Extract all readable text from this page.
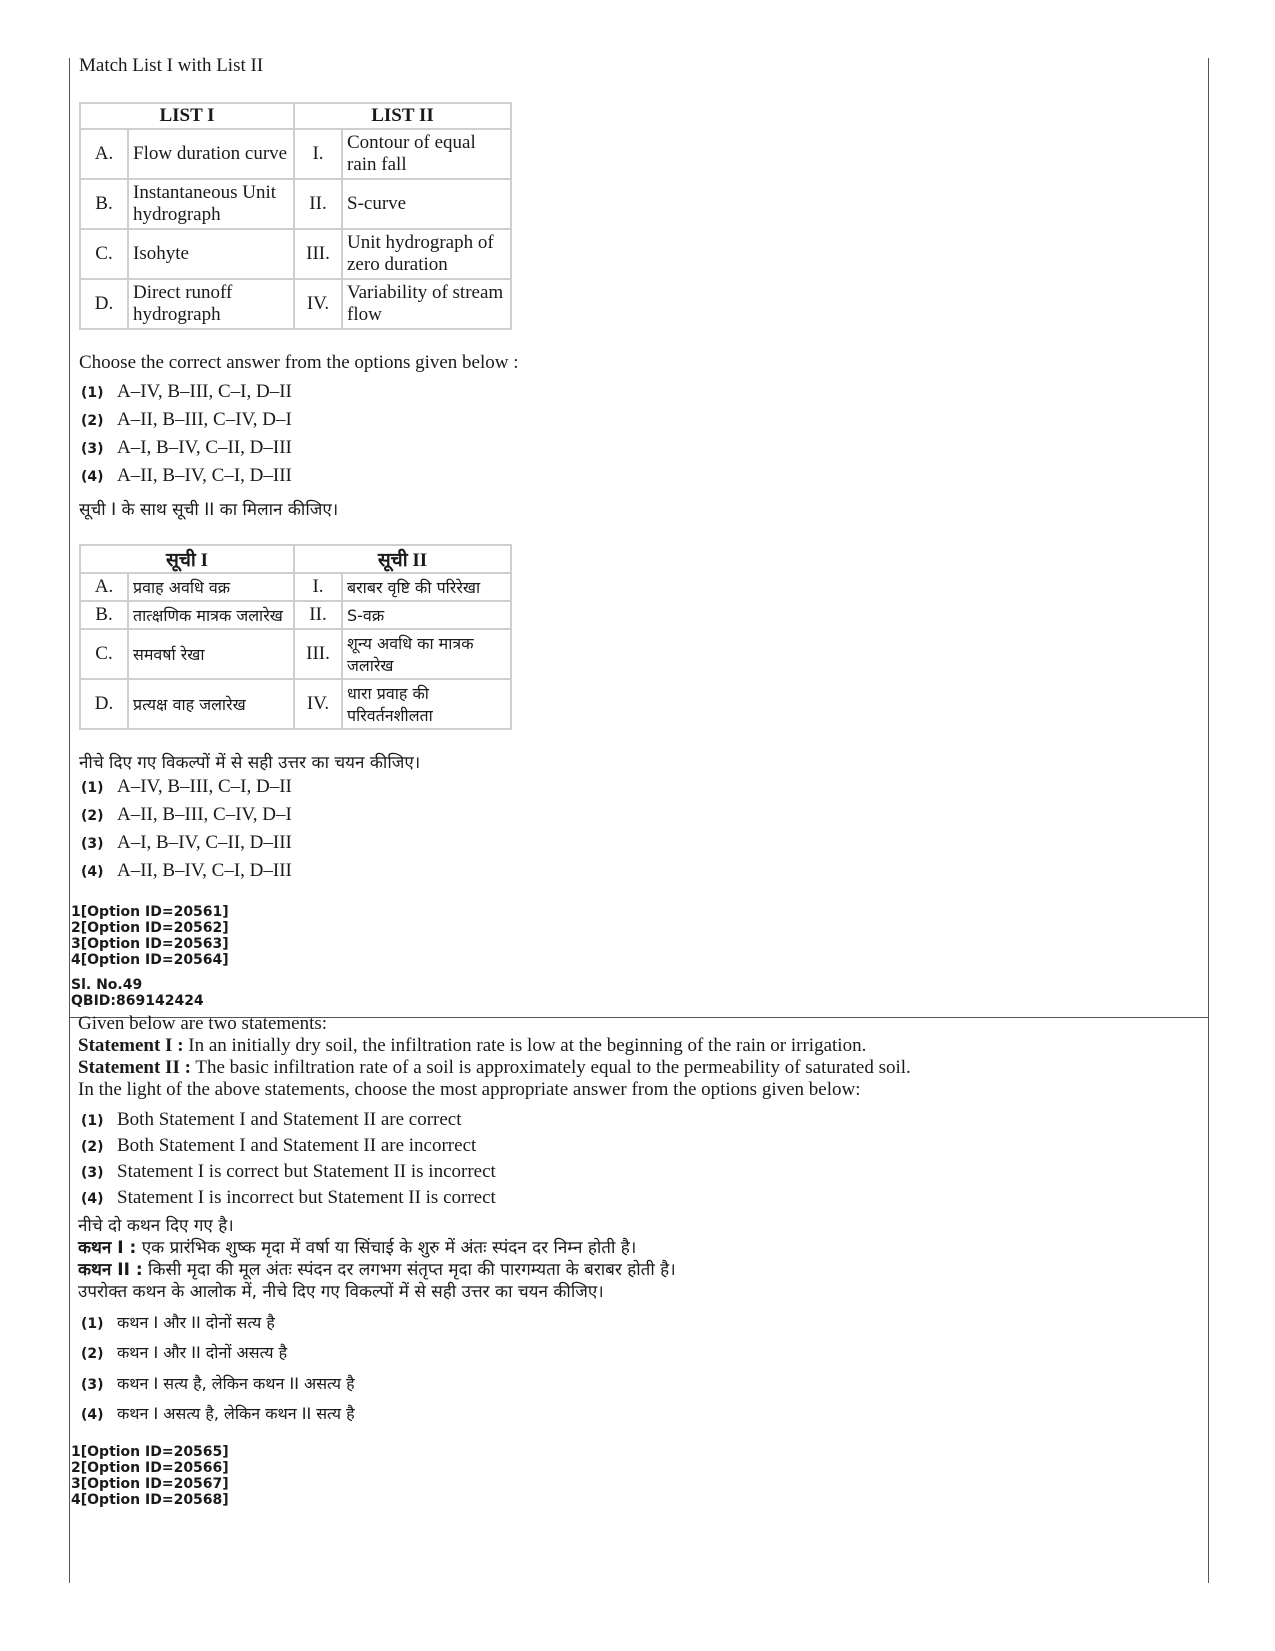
Match List I with List II
LIST I		LIST II	
A.	Flow duration curve	I.	Contour of equal rain fall
B.	Instantaneous Unit hydrograph	II.	S-curve
C.	Isohyte	III.	Unit hydrograph of zero duration
D.	Direct runoff hydrograph	IV.	Variability of stream flow
Choose the correct answer from the options given below :
(1) A–IV, B–III, C–I, D–II
(2) A–II, B–III, C–IV, D–I
(3) A–I, B–IV, C–II, D–III
(4) A–II, B–IV, C–I, D–III
सूची I के साथ सूची II का मिलान कीजिए।
सूची I		सूची II	
A.	प्रवाह अवधि वक्र	I.	बराबर वृष्टि की परिरेखा
B.	तात्क्षणिक मात्रक जलारेख	II.	S-वक्र
C.	समवर्षा रेखा	III.	शून्य अवधि का मात्रक जलारेख
D.	प्रत्यक्ष वाह जलारेख	IV.	धारा प्रवाह की परिवर्तनशीलता
नीचे दिए गए विकल्पों में से सही उत्तर का चयन कीजिए।
(1) A–IV, B–III, C–I, D–II
(2) A–II, B–III, C–IV, D–I
(3) A–I, B–IV, C–II, D–III
(4) A–II, B–IV, C–I, D–III
1[Option ID=20561]
2[Option ID=20562]
3[Option ID=20563]
4[Option ID=20564]
Sl. No.49
QBID:869142424
Given below are two statements:
Statement I : In an initially dry soil, the infiltration rate is low at the beginning of the rain or irrigation.
Statement II : The basic infiltration rate of a soil is approximately equal to the permeability of saturated soil.
In the light of the above statements, choose the most appropriate answer from the options given below:
(1) Both Statement I and Statement II are correct
(2) Both Statement I and Statement II are incorrect
(3) Statement I is correct but Statement II is incorrect
(4) Statement I is incorrect but Statement II is correct
नीचे दो कथन दिए गए है।
कथन I : एक प्रारंभिक शुष्क मृदा में वर्षा या सिंचाई के शुरु में अंतः स्पंदन दर निम्न होती है।
कथन II : किसी मृदा की मूल अंतः स्पंदन दर लगभग संतृप्त मृदा की पारगम्यता के बराबर होती है।
उपरोक्त कथन के आलोक में, नीचे दिए गए विकल्पों में से सही उत्तर का चयन कीजिए।
(1) कथन I और II दोनों सत्य है
(2) कथन I और II दोनों असत्य है
(3) कथन I सत्य है, लेकिन कथन II असत्य है
(4) कथन I असत्य है, लेकिन कथन II सत्य है
1[Option ID=20565]
2[Option ID=20566]
3[Option ID=20567]
4[Option ID=20568]
